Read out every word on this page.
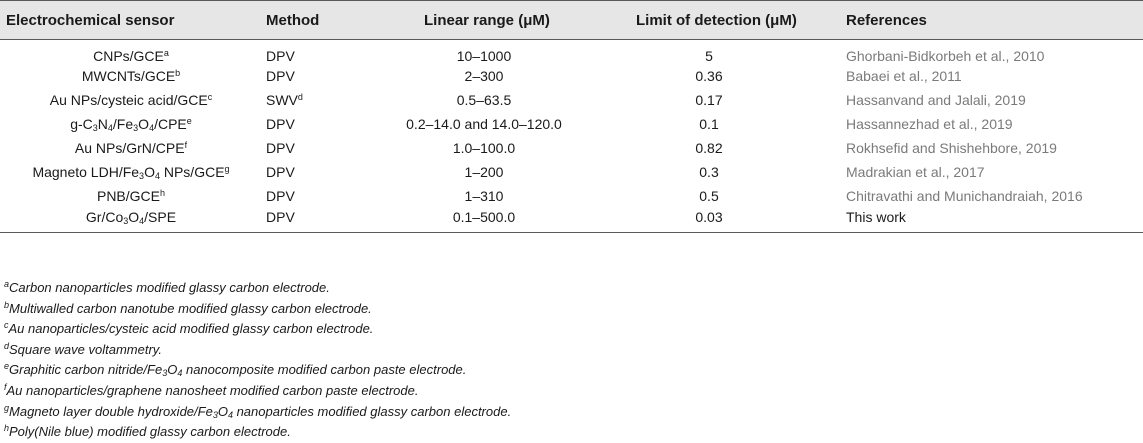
Electrochemical sensor	Method	Linear range (μM)	Limit of detection (μM)	References
CNPs/GCE$^a$	DPV	10–1000	5	Ghorbani-Bidkorbeh et al., 2010
MWCNTs/GCE$^b$	DPV	2–300	0.36	Babaei et al., 2011
Au NPs/cysteic acid/GCE$^c$	SWV$^d$	0.5–63.5	0.17	Hassanvand and Jalali, 2019
$g-C_3N_4/Fe_3O_4/CPE^e$	DPV	0.2–14.0 and 14.0–120.0	0.1	Hassannezhad et al., 2019
Au NPs/GrN/CPE$^f$	DPV	1.0–100.0	0.82	Rokhsefid and Shishehbore, 2019
Magneto LDH/$Fe_3O_4$ NPs/GCE$^g$	DPV	1–200	0.3	Madrakian et al., 2017
PNB/GCE$^h$	DPV	1–310	0.5	Chitravathi and Munichandraiah, 2016
$Gr/Co_3O_4$/SPE	DPV	0.1–500.0	0.03	This work
$^a$Carbon nanoparticles modified glassy carbon electrode.
$^b$Multiwalled carbon nanotube modified glassy carbon electrode.
$^c$Au nanoparticles/cysteic acid modified glassy carbon electrode.
$^d$Square wave voltammetry.
$^e$Graphitic carbon nitride/$Fe_3O_4$ nanocomposite modified carbon paste electrode.
$^f$Au nanoparticles/graphene nanosheet modified carbon paste electrode.
$^g$Magneto layer double hydroxide/$Fe_3O_4$ nanoparticles modified glassy carbon electrode.
$^h$Poly(Nile blue) modified glassy carbon electrode.
